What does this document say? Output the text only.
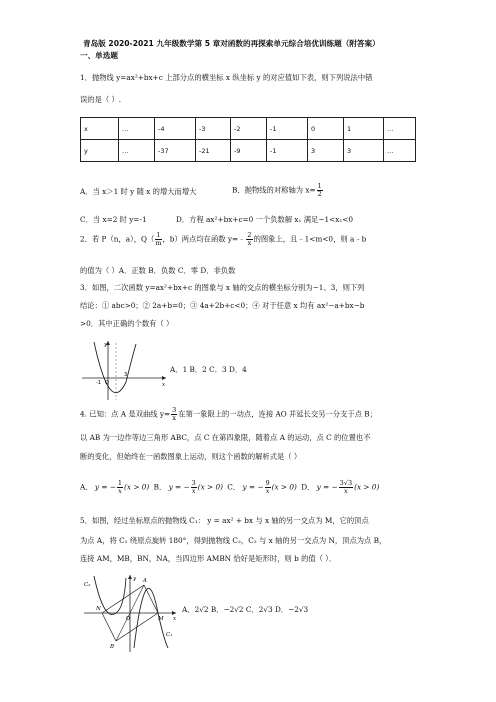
青岛版 2020-2021 九年级数学第 5 章对函数的再探索单元综合培优训练题（附答案）
一、单选题
1．抛物线 y=ax²+bx+c 上部分点的横坐标 x 纵坐标 y 的对应值如下表，则下列说法中错
误的是（ ）.
x	…	-4	-3	-2	-1	0	1	…
y	…	-37	-21	-9	-1	3	3	…
A．当 x＞1 时 y 随 x 的增大而增大	B．抛物线的对称轴为 $x= \frac{1}{2}$
C．当 x=2 时 y=-1	D．方程 ax²+bx+c=0 一个负数解 x₁ 满足−1<x₁<0
2．若 P（n，a），$Q( \frac{1}{m}$ ，b）两点均在函数 y=﹣ $\frac{2}{x}$ 的图象上，且﹣1<m<0，则 a﹣b
的值为（ ）A．正数 B．负数 C．零 D．非负数
3．如图，二次函数 y=ax²+bx+c 的图象与 x 轴的交点的横坐标分别为−1、3，则下列
结论：① abc>0；② 2a+b=0；③ 4a+2b+c<0；④ 对于任意 x 均有 ax²−a+bx−b
>0．其中正确的个数有（ ）
y
x
O
-1
3
A．1 B．2 C．3 D．4
4. 已知：点 A 是双曲线 $y= \frac{3}{x}$ 在第一象限上的一动点，连接 AO 并延长交另一分支于点 B；
以 AB 为一边作等边三角形 ABC，点 C 在第四象限，随着点 A 的运动，点 C 的位置也不
断的变化，但始终在一函数图象上运动，则这个函数的解析式是（ ）
A． y = − $\frac{1}{x} (x > 0)$ B． y = − $\frac{3}{x} (x > 0)$ C． y = − $\frac{9}{x} (x > 0)$ D． y = − $\frac{3√3}{x} (x > 0)$
5．如图，经过坐标原点的抛物线 C₁： y = ax² + bx 与 x 轴的另一交点为 M，它的顶点
为点 A，将 C₁ 绕原点旋转 180°，得到抛物线 C₂，C₂ 与 x 轴的另一交点为 N，顶点为点 B，
连接 AM，MB，BN，NA，当四边形 AMBN 恰好是矩形时，则 b 的值（ ）．
A
B
M
N
O
C₂
C₁
y
x
A．2√2 B．−2√2 C．2√3 D．−2√3
